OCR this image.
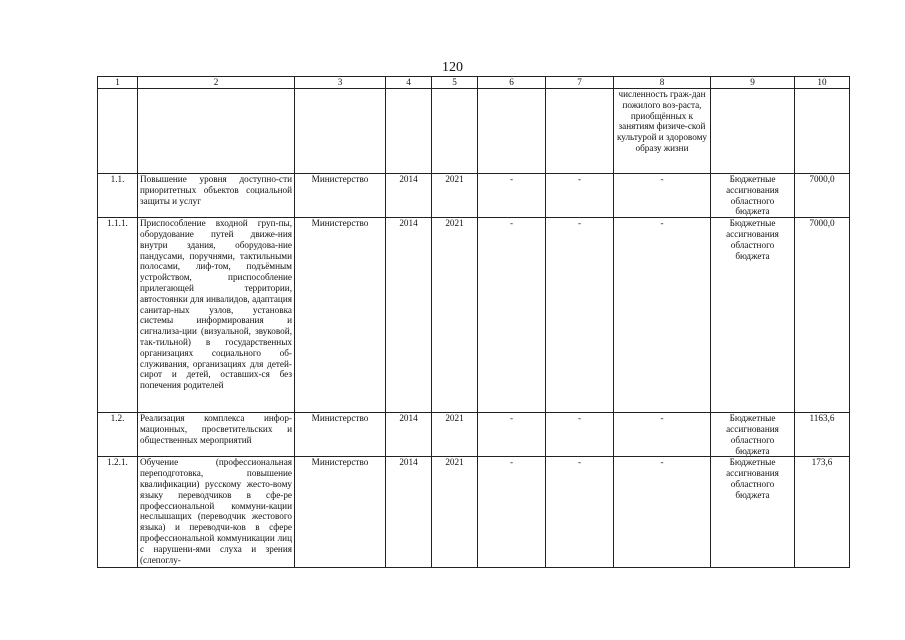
120
1	2	3	4	5	6	7	8	9	10
							численность граж-дан пожилого воз-раста, приобщённых к занятиям физиче-ской культурой и здоровому образу жизни		
1.1.	Повышение уровня доступно-сти приоритетных объектов социальной защиты и услуг	Министерство	2014	2021	-	-	-	Бюджетные ассигнования областного бюджета	7000,0
1.1.1.	Приспособление входной груп-пы, оборудование путей движе-ния внутри здания, оборудова-ние пандусами, поручнями, тактильными полосами, лиф-том, подъёмным устройством, приспособление прилегающей территории, автостоянки для инвалидов, адаптация санитар-ных узлов, установка системы информирования и сигнализа-ции (визуальной, звуковой, так-тильной) в государственных организациях социального об-служивания, организациях для детей-сирот и детей, оставших-ся без попечения родителей	Министерство	2014	2021	-	-	-	Бюджетные ассигнования областного бюджета	7000,0
1.2.	Реализация комплекса инфор-мационных, просветительских и общественных мероприятий	Министерство	2014	2021	-	-	-	Бюджетные ассигнования областного бюджета	1163,6
1.2.1.	Обучение (профессиональная переподготовка, повышение квалификации) русскому жесто-вому языку переводчиков в сфе-ре профессиональной коммуни-кации неслышащих (переводчик жестового языка) и переводчи-ков в сфере профессиональной коммуникации лиц с нарушени-ями слуха и зрения (слепоглу-	Министерство	2014	2021	-	-	-	Бюджетные ассигнования областного бюджета	173,6
